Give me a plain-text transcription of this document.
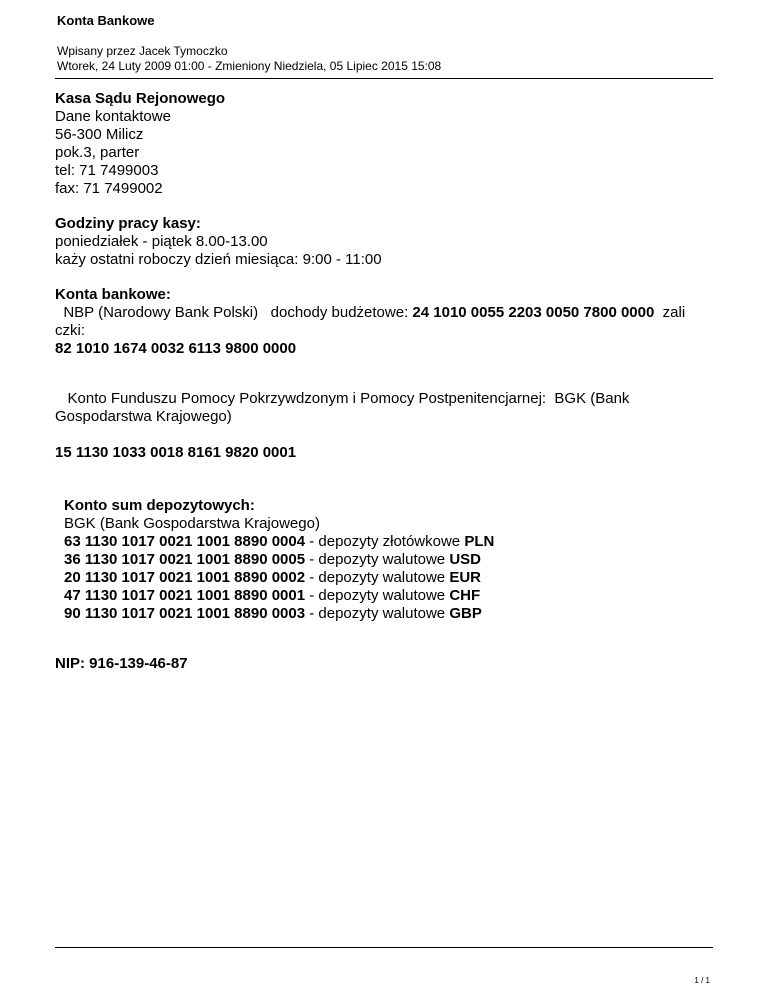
Konta Bankowe
Wpisany przez Jacek Tymoczko
Wtorek, 24 Luty 2009 01:00 - Zmieniony Niedziela, 05 Lipiec 2015 15:08
Kasa Sądu Rejonowego
Dane kontaktowe
56-300 Milicz
pok.3, parter
tel: 71 7499003
fax: 71 7499002
Godziny pracy kasy:
poniedziałek - piątek 8.00-13.00
każy ostatni roboczy dzień miesiąca: 9:00 - 11:00
Konta bankowe:
NBP (Narodowy Bank Polski)   dochody budżetowe: 24 1010 0055 2203 0050 7800 0000  zali
czki:
82 1010 1674 0032 6113 9800 0000
Konto Funduszu Pomocy Pokrzywdzonym i Pomocy Postpenitencjarnej:  BGK (Bank
Gospodarstwa Krajowego)
15 1130 1033 0018 8161 9820 0001
Konto sum depozytowych:
BGK (Bank Gospodarstwa Krajowego)
63 1130 1017 0021 1001 8890 0004 - depozyty złotówkowe PLN
36 1130 1017 0021 1001 8890 0005 - depozyty walutowe USD
20 1130 1017 0021 1001 8890 0002 - depozyty walutowe EUR
47 1130 1017 0021 1001 8890 0001 - depozyty walutowe CHF
90 1130 1017 0021 1001 8890 0003 - depozyty walutowe GBP
NIP: 916-139-46-87
1 / 1
